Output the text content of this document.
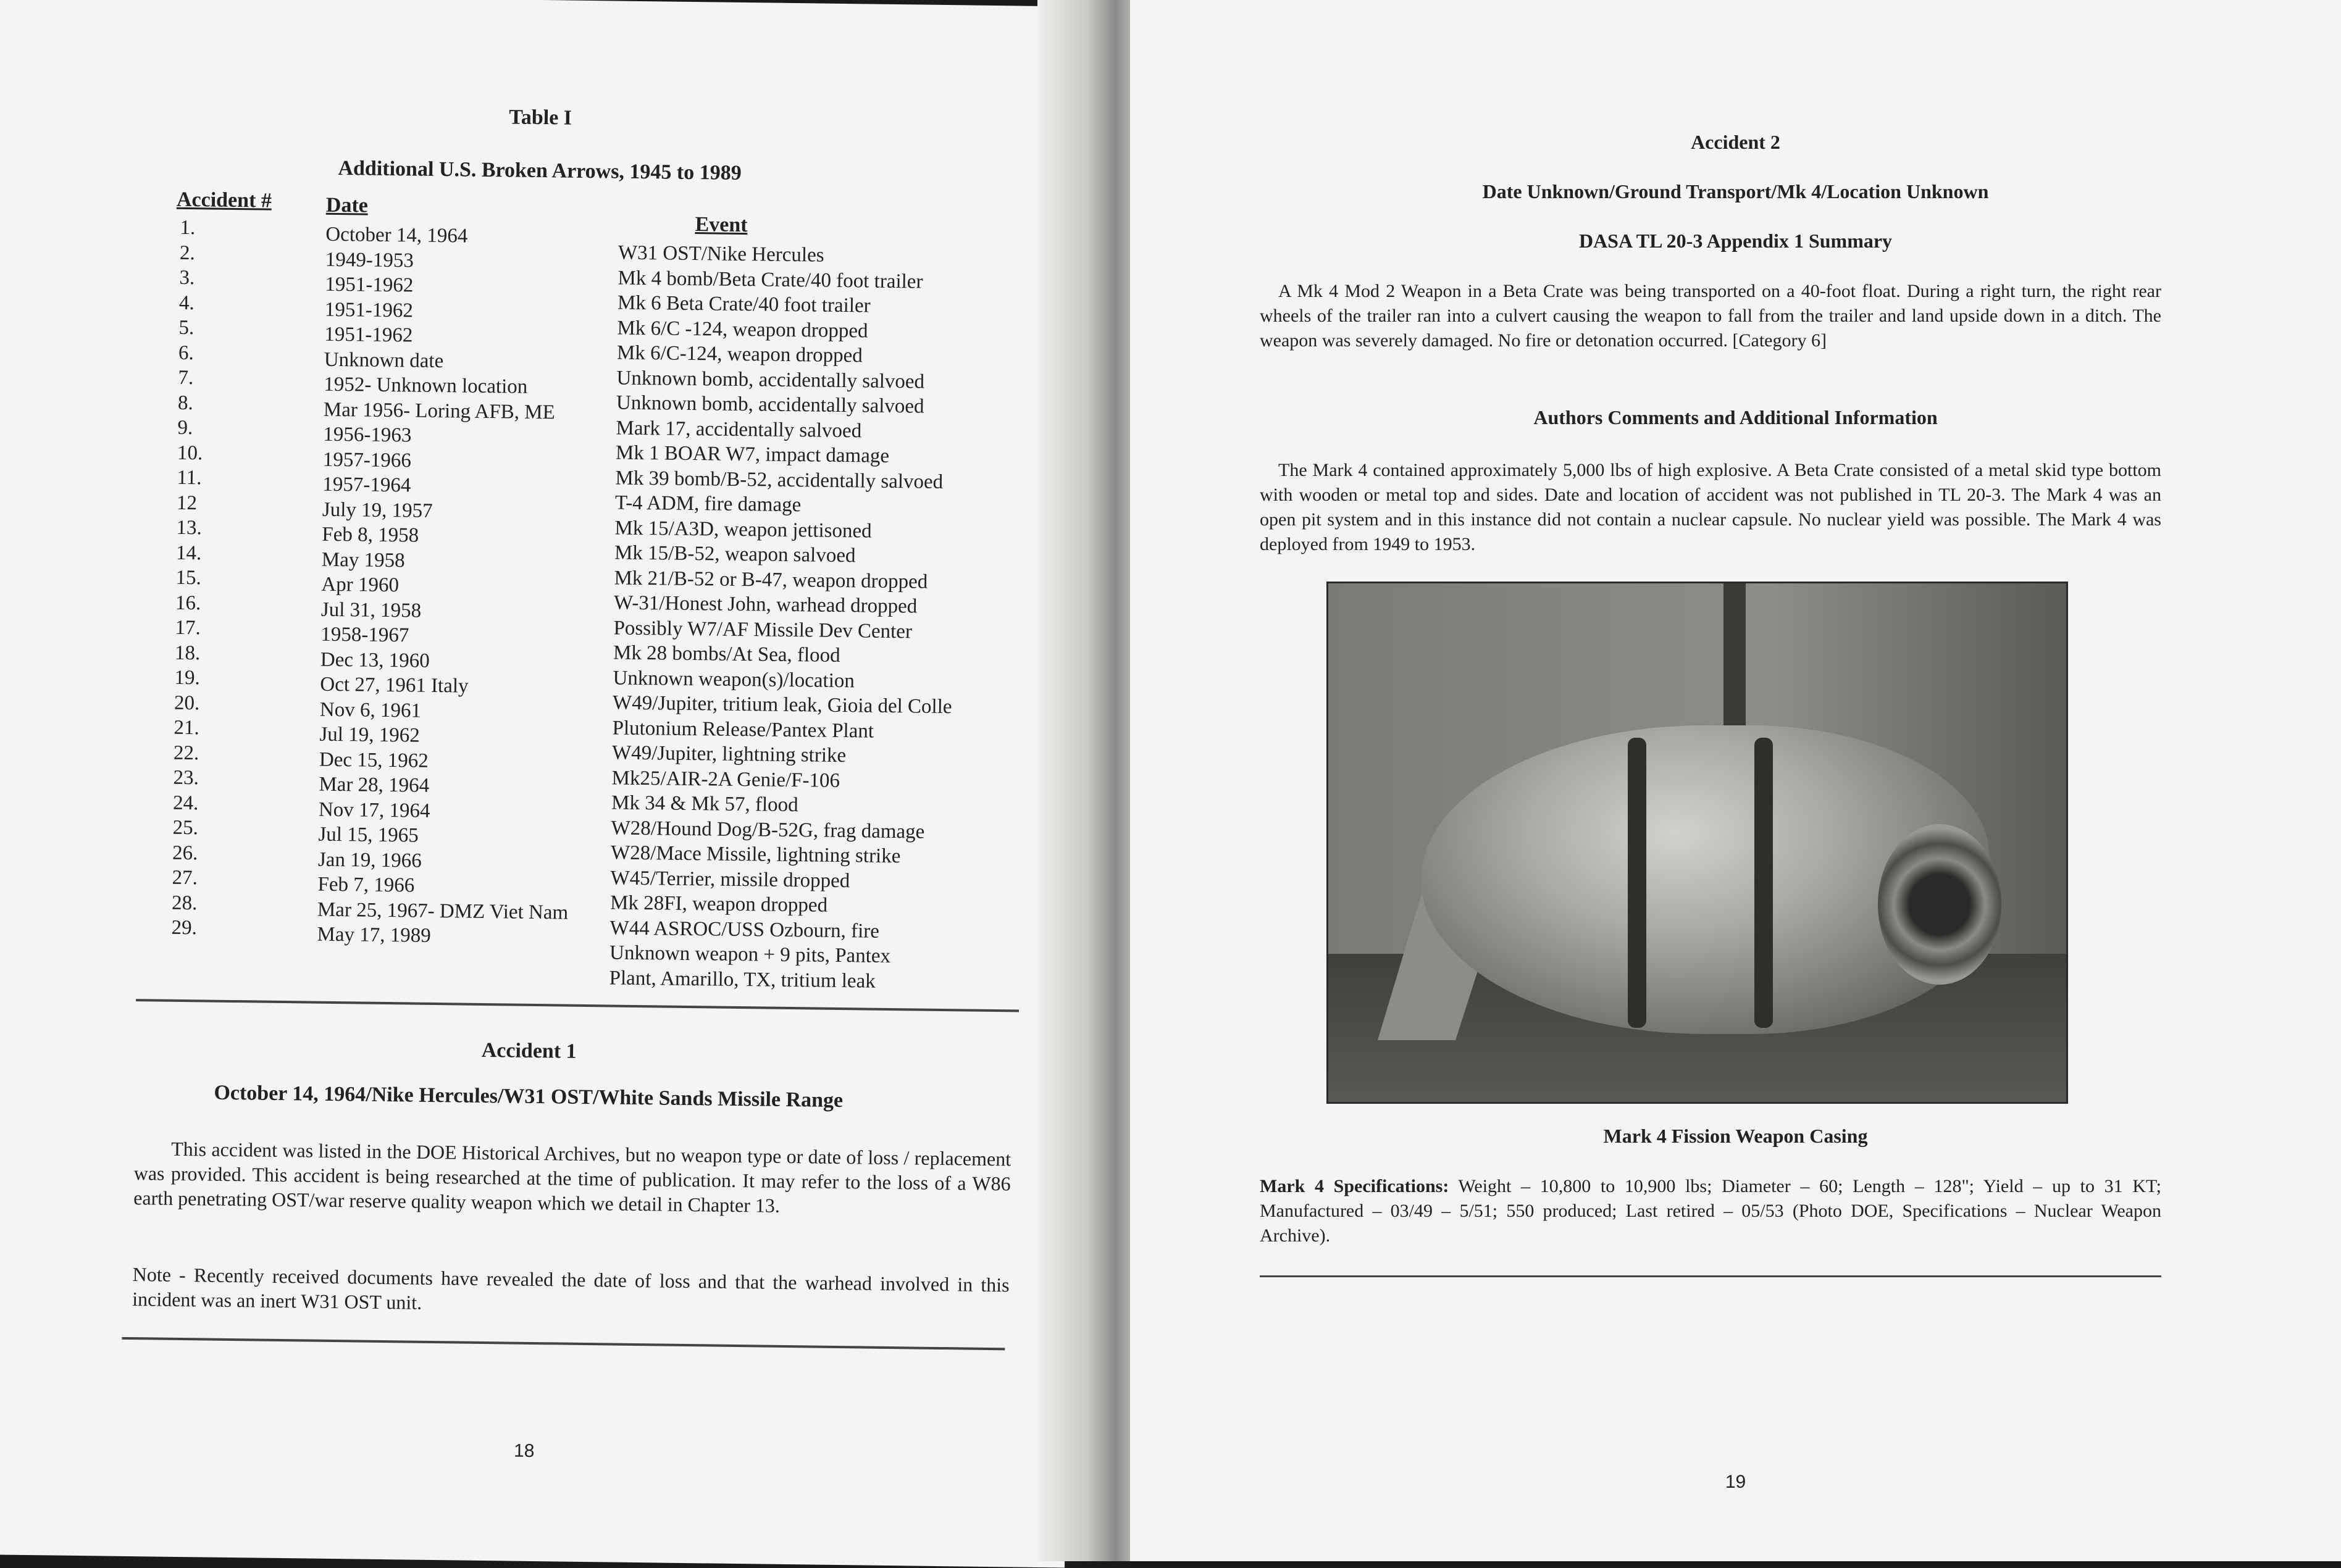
Table I
Additional U.S. Broken Arrows, 1945 to 1989
Accident #	Date
Event
1.
2.
3.
4.
5.
6.
7.
8.
9.
10.
11.
12
13.
14.
15.
16.
17.
18.
19.
20.
21.
22.
23.
24.
25.
26.
27.
28.
29.
October 14, 1964
1949-1953
1951-1962
1951-1962
1951-1962
Unknown date
1952- Unknown location
Mar 1956- Loring AFB, ME
1956-1963
1957-1966
1957-1964
July 19, 1957
Feb 8, 1958
May 1958
Apr 1960
Jul 31, 1958
1958-1967
Dec 13, 1960
Oct 27, 1961 Italy
Nov 6, 1961
Jul 19, 1962
Dec 15, 1962
Mar 28, 1964
Nov 17, 1964
Jul 15, 1965
Jan 19, 1966
Feb 7, 1966
Mar 25, 1967- DMZ Viet Nam
May 17, 1989
W31 OST/Nike Hercules
Mk 4 bomb/Beta Crate/40 foot trailer
Mk 6 Beta Crate/40 foot trailer
Mk 6/C -124, weapon dropped
Mk 6/C-124, weapon dropped
Unknown bomb, accidentally salvoed
Unknown bomb, accidentally salvoed
Mark 17, accidentally salvoed
Mk 1 BOAR W7, impact damage
Mk 39 bomb/B-52, accidentally salvoed
T-4 ADM, fire damage
Mk 15/A3D, weapon jettisoned
Mk 15/B-52, weapon salvoed
Mk 21/B-52 or B-47, weapon dropped
W-31/Honest John, warhead dropped
Possibly W7/AF Missile Dev Center
Mk 28 bombs/At Sea, flood
Unknown weapon(s)/location
W49/Jupiter, tritium leak, Gioia del Colle
Plutonium Release/Pantex Plant
W49/Jupiter, lightning strike
Mk25/AIR-2A Genie/F-106
Mk 34 & Mk 57, flood
W28/Hound Dog/B-52G, frag damage
W28/Mace Missile, lightning strike
W45/Terrier, missile dropped
Mk 28FI, weapon dropped
W44 ASROC/USS Ozbourn, fire
Unknown weapon + 9 pits, Pantex
Plant, Amarillo, TX, tritium leak
Accident 1
October 14, 1964/Nike Hercules/W31 OST/White Sands Missile Range
This accident was listed in the DOE Historical Archives, but no weapon type or date of loss / replacement was provided. This accident is being researched at the time of publication. It may refer to the loss of a W86 earth penetrating OST/war reserve quality weapon which we detail in Chapter 13.
Note - Recently received documents have revealed the date of loss and that the warhead involved in this incident was an inert W31 OST unit.
18
Accident 2
Date Unknown/Ground Transport/Mk 4/Location Unknown
DASA TL 20-3 Appendix 1 Summary
A Mk 4 Mod 2 Weapon in a Beta Crate was being transported on a 40-foot float. During a right turn, the right rear wheels of the trailer ran into a culvert causing the weapon to fall from the trailer and land upside down in a ditch. The weapon was severely damaged. No fire or detonation occurred. [Category 6]
Authors Comments and Additional Information
The Mark 4 contained approximately 5,000 lbs of high explosive. A Beta Crate consisted of a metal skid type bottom with wooden or metal top and sides. Date and location of accident was not published in TL 20-3. The Mark 4 was an open pit system and in this instance did not contain a nuclear capsule. No nuclear yield was possible. The Mark 4 was deployed from 1949 to 1953.
Mark 4 Fission Weapon Casing
Mark 4 Specifications: Weight – 10,800 to 10,900 lbs; Diameter – 60; Length – 128"; Yield – up to 31 KT; Manufactured – 03/49 – 5/51; 550 produced; Last retired – 05/53 (Photo DOE, Specifications – Nuclear Weapon Archive).
19
